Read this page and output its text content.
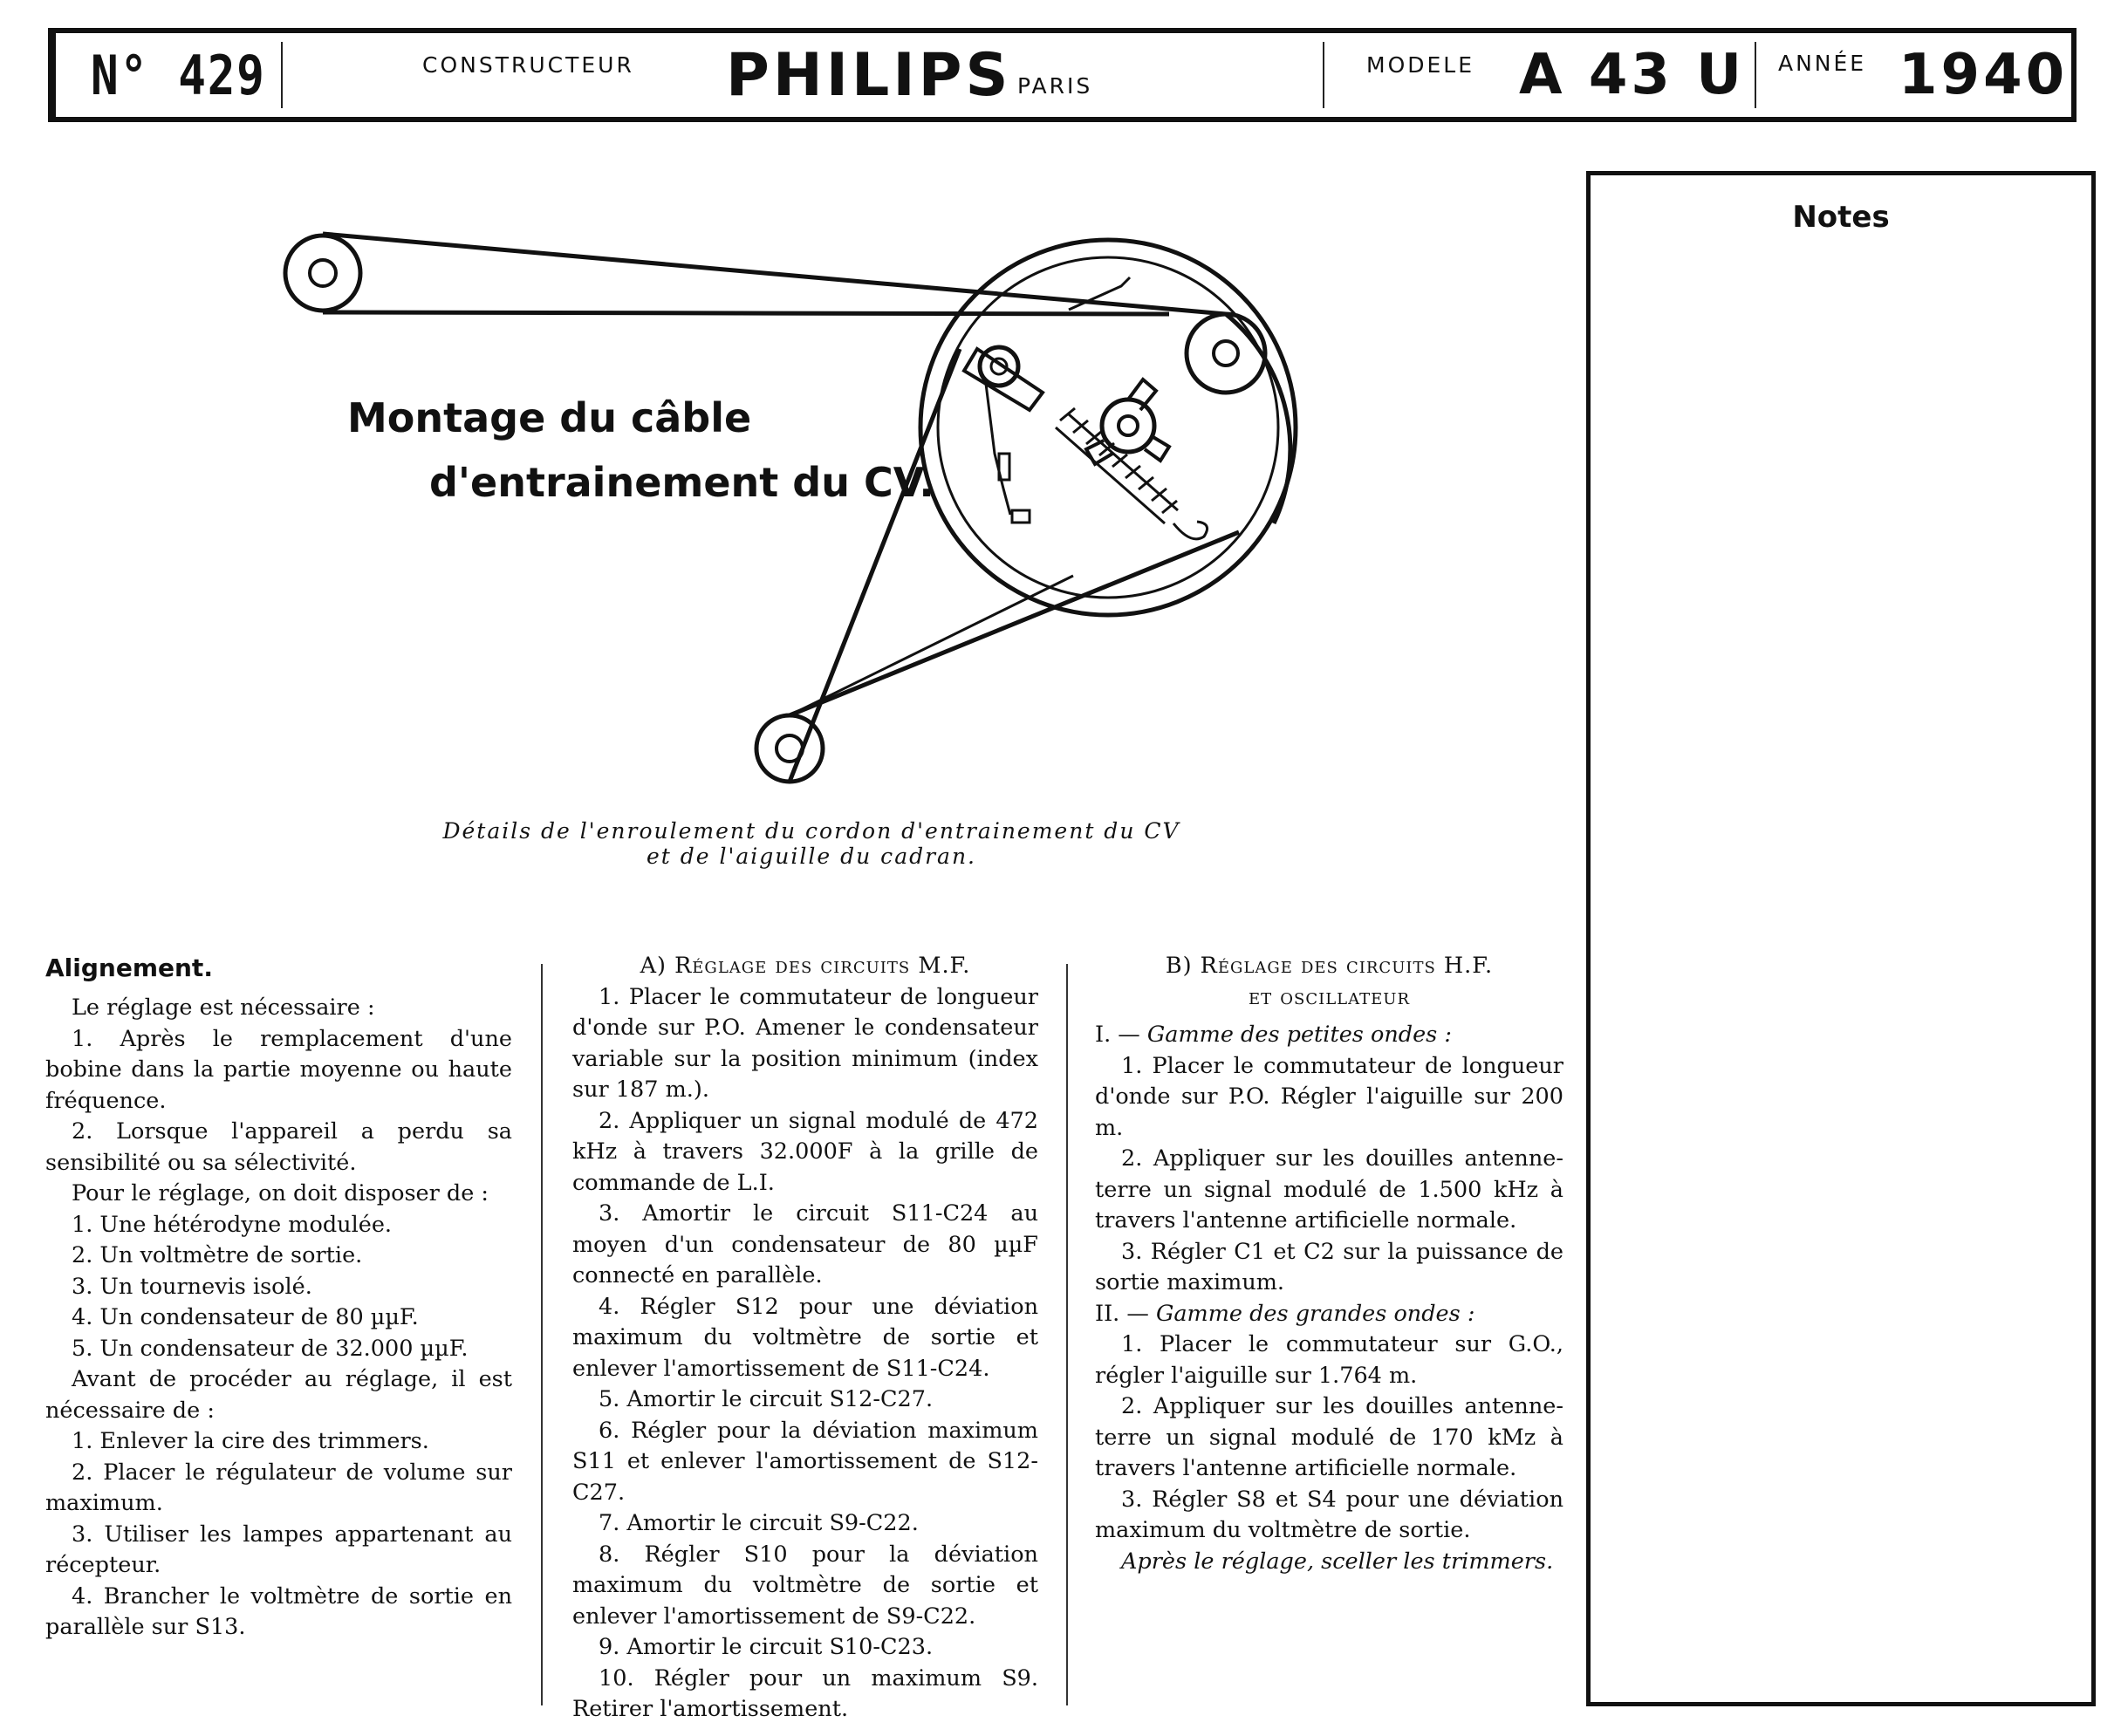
N° 429	CONSTRUCTEUR PHILIPS PARIS
MODELE A 43 U ANNÉE 1940
Montage du câble
d'entrainement du CV.
Détails de l'enroulement du cordon d'entrainement du CV
et de l'aiguille du cadran.
Notes

Alignement.

Le réglage est nécessaire :

1. Après le remplacement d'une bobine dans la partie moyenne ou haute fréquence.

2. Lorsque l'appareil a perdu sa sensibilité ou sa sélectivité.

Pour le réglage, on doit disposer de :

1. Une hétérodyne modulée.

2. Un voltmètre de sortie.

3. Un tournevis isolé.

4. Un condensateur de 80 µµF.

5. Un condensateur de 32.000 µµF.

Avant de procéder au réglage, il est nécessaire de :

1. Enlever la cire des trimmers.

2. Placer le régulateur de volume sur maximum.

3. Utiliser les lampes appartenant au récepteur.

4. Brancher le voltmètre de sortie en parallèle sur S13.

A) Réglage des circuits M.F.

1. Placer le commutateur de longueur d'onde sur P.O. Amener le condensateur variable sur la position minimum (index sur 187 m.).

2. Appliquer un signal modulé de 472 kHz à travers 32.000F à la grille de commande de L.I.

3. Amortir le circuit S11-C24 au moyen d'un condensateur de 80 µµF connecté en parallèle.

4. Régler S12 pour une déviation maximum du voltmètre de sortie et enlever l'amortissement de S11-C24.

5. Amortir le circuit S12-C27.

6. Régler pour la déviation maximum S11 et enlever l'amortissement de S12-C27.

7. Amortir le circuit S9-C22.

8. Régler S10 pour la déviation maximum du voltmètre de sortie et enlever l'amortissement de S9-C22.

9. Amortir le circuit S10-C23.

10. Régler pour un maximum S9. Retirer l'amortissement.

B) Réglage des circuits H.F.

et oscillateur

I. — Gamme des petites ondes :

1. Placer le commutateur de longueur d'onde sur P.O. Régler l'aiguille sur 200 m.

2. Appliquer sur les douilles antenne-terre un signal modulé de 1.500 kHz à travers l'antenne artificielle normale.

3. Régler C1 et C2 sur la puissance de sortie maximum.

II. — Gamme des grandes ondes :

1. Placer le commutateur sur G.O., régler l'aiguille sur 1.764 m.

2. Appliquer sur les douilles antenne-terre un signal modulé de 170 kMz à travers l'antenne artificielle normale.

3. Régler S8 et S4 pour une déviation maximum du voltmètre de sortie.

Après le réglage, sceller les trimmers.
